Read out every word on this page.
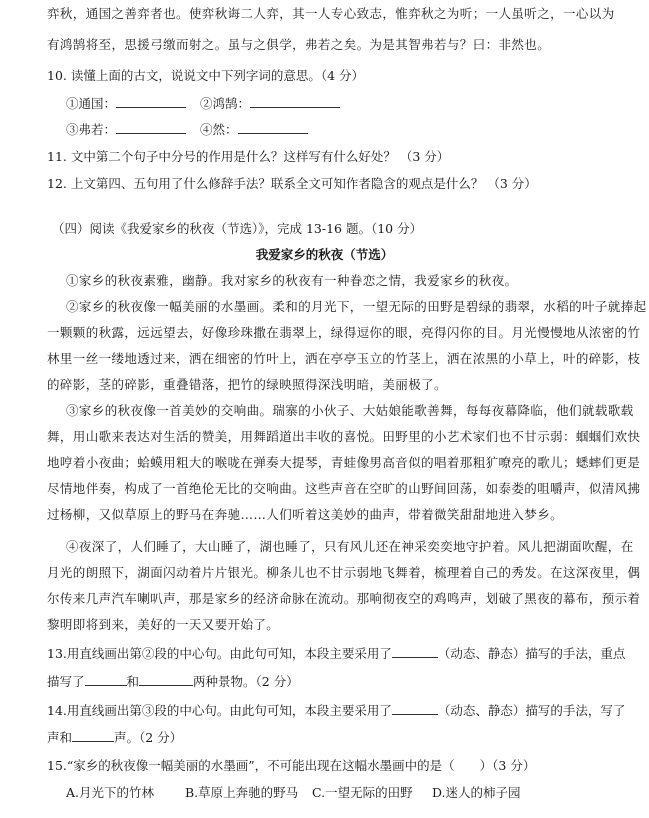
弈秋，通国之善弈者也。使弈秋诲二人弈，其一人专心致志，惟弈秋之为听；一人虽听之，一心以为
有鸿鹄将至，思援弓缴而射之。虽与之俱学，弗若之矣。为是其智弗若与？曰：非然也。
10. 读懂上面的古文，说说文中下列字词的意思。（4 分）
①通国：	②鸿鹄：
③弗若：	④然：
11. 文中第二个句子中分号的作用是什么？这样写有什么好处？ （3 分）
12. 上文第四、五句用了什么修辞手法？联系全文可知作者隐含的观点是什么？ （3 分）
（四）阅读《我爱家乡的秋夜（节选）》，完成 13-16 题。（10 分）
我爱家乡的秋夜（节选）
①家乡的秋夜素雅，幽静。我对家乡的秋夜有一种眷恋之情，我爱家乡的秋夜。
②家乡的秋夜像一幅美丽的水墨画。柔和的月光下，一望无际的田野是碧绿的翡翠，水稻的叶子就捧起
一颗颗的秋露，远远望去，好像珍珠撒在翡翠上，绿得逗你的眼，亮得闪你的目。月光慢慢地从浓密的竹
林里一丝一缕地透过来，洒在细密的竹叶上，洒在亭亭玉立的竹茎上，洒在浓黑的小草上，叶的碎影，枝
的碎影，茎的碎影，重叠错落，把竹的绿映照得深浅明暗，美丽极了。
③家乡的秋夜像一首美妙的交响曲。瑞寨的小伙子、大姑娘能歌善舞，每每夜幕降临，他们就载歌载
舞，用山歌来表达对生活的赞美，用舞蹈道出丰收的喜悦。田野里的小艺术家们也不甘示弱：蝈蝈们欢快
地哼着小夜曲；蛤蟆用粗大的喉咙在弹奏大提琴，青蛙像男高音似的唱着那粗犷嘹亮的歌儿；蟋蟀们更是
尽情地伴奏，构成了一首绝伦无比的交响曲。这些声音在空旷的山野间回荡，如泰娄的咀嚼声，似清风拂
过杨柳，又似草原上的野马在奔驰……人们听着这美妙的曲声，带着微笑甜甜地进入梦乡。
④夜深了，人们睡了，大山睡了，湖也睡了，只有风儿还在神采奕奕地守护着。风儿把湖面吹醒，在
月光的朗照下，湖面闪动着片片银光。柳条儿也不甘示弱地飞舞着，梳理着自己的秀发。在这深夜里，偶
尔传来几声汽车喇叭声，那是家乡的经济命脉在流动。那响彻夜空的鸡鸣声，划破了黑夜的幕布，预示着
黎明即将到来，美好的一天又要开始了。
13.用直线画出第②段的中心句。由此句可知，本段主要采用了	（动态、静态）描写的手法，重点
描写了	和	两种景物。（2 分）
14.用直线画出第③段的中心句。由此句可知，本段主要采用了	（动态、静态）描写的手法，写了
声和	声。（2 分）
15.“家乡的秋夜像一幅美丽的水墨画”，不可能出现在这幅水墨画中的是（　　）（3 分）
A.月光下的竹林 B.草原上奔驰的野马 C.一望无际的田野 D.迷人的柿子园
